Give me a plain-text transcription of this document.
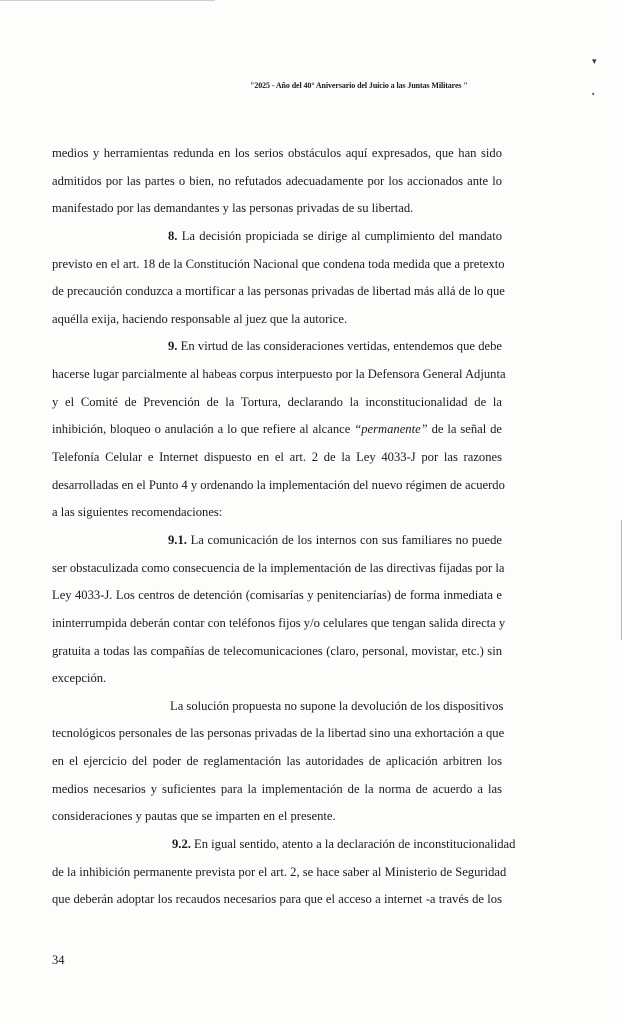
▾
▪
"2025 - Año del 40° Aniversario del Juicio a las Juntas Militares "
medios y herramientas redunda en los serios obstáculos aquí expresados, que han sido
admitidos por las partes o bien, no refutados adecuadamente por los accionados ante lo
manifestado por las demandantes y las personas privadas de su libertad.
8. La decisión propiciada se dirige al cumplimiento del mandato
previsto en el art. 18 de la Constitución Nacional que condena toda medida que a pretexto
de precaución conduzca a mortificar a las personas privadas de libertad más allá de lo que
aquélla exija, haciendo responsable al juez que la autorice.
9. En virtud de las consideraciones vertidas, entendemos que debe
hacerse lugar parcialmente al habeas corpus interpuesto por la Defensora General Adjunta
y el Comité de Prevención de la Tortura, declarando la inconstitucionalidad de la
inhibición, bloqueo o anulación a lo que refiere al alcance “permanente” de la señal de
Telefonía Celular e Internet dispuesto en el art. 2 de la Ley 4033-J por las razones
desarrolladas en el Punto 4 y ordenando la implementación del nuevo régimen de acuerdo
a las siguientes recomendaciones:
9.1. La comunicación de los internos con sus familiares no puede
ser obstaculizada como consecuencia de la implementación de las directivas fijadas por la
Ley 4033-J. Los centros de detención (comisarías y penitenciarías) de forma inmediata e
ininterrumpida deberán contar con teléfonos fijos y/o celulares que tengan salida directa y
gratuita a todas las compañías de telecomunicaciones (claro, personal, movistar, etc.) sin
excepción.
La solución propuesta no supone la devolución de los dispositivos
tecnológicos personales de las personas privadas de la libertad sino una exhortación a que
en el ejercicio del poder de reglamentación las autoridades de aplicación arbitren los
medios necesarios y suficientes para la implementación de la norma de acuerdo a las
consideraciones y pautas que se imparten en el presente.
9.2. En igual sentido, atento a la declaración de inconstitucionalidad
de la inhibición permanente prevista por el art. 2, se hace saber al Ministerio de Seguridad
que deberán adoptar los recaudos necesarios para que el acceso a internet -a través de los
34
